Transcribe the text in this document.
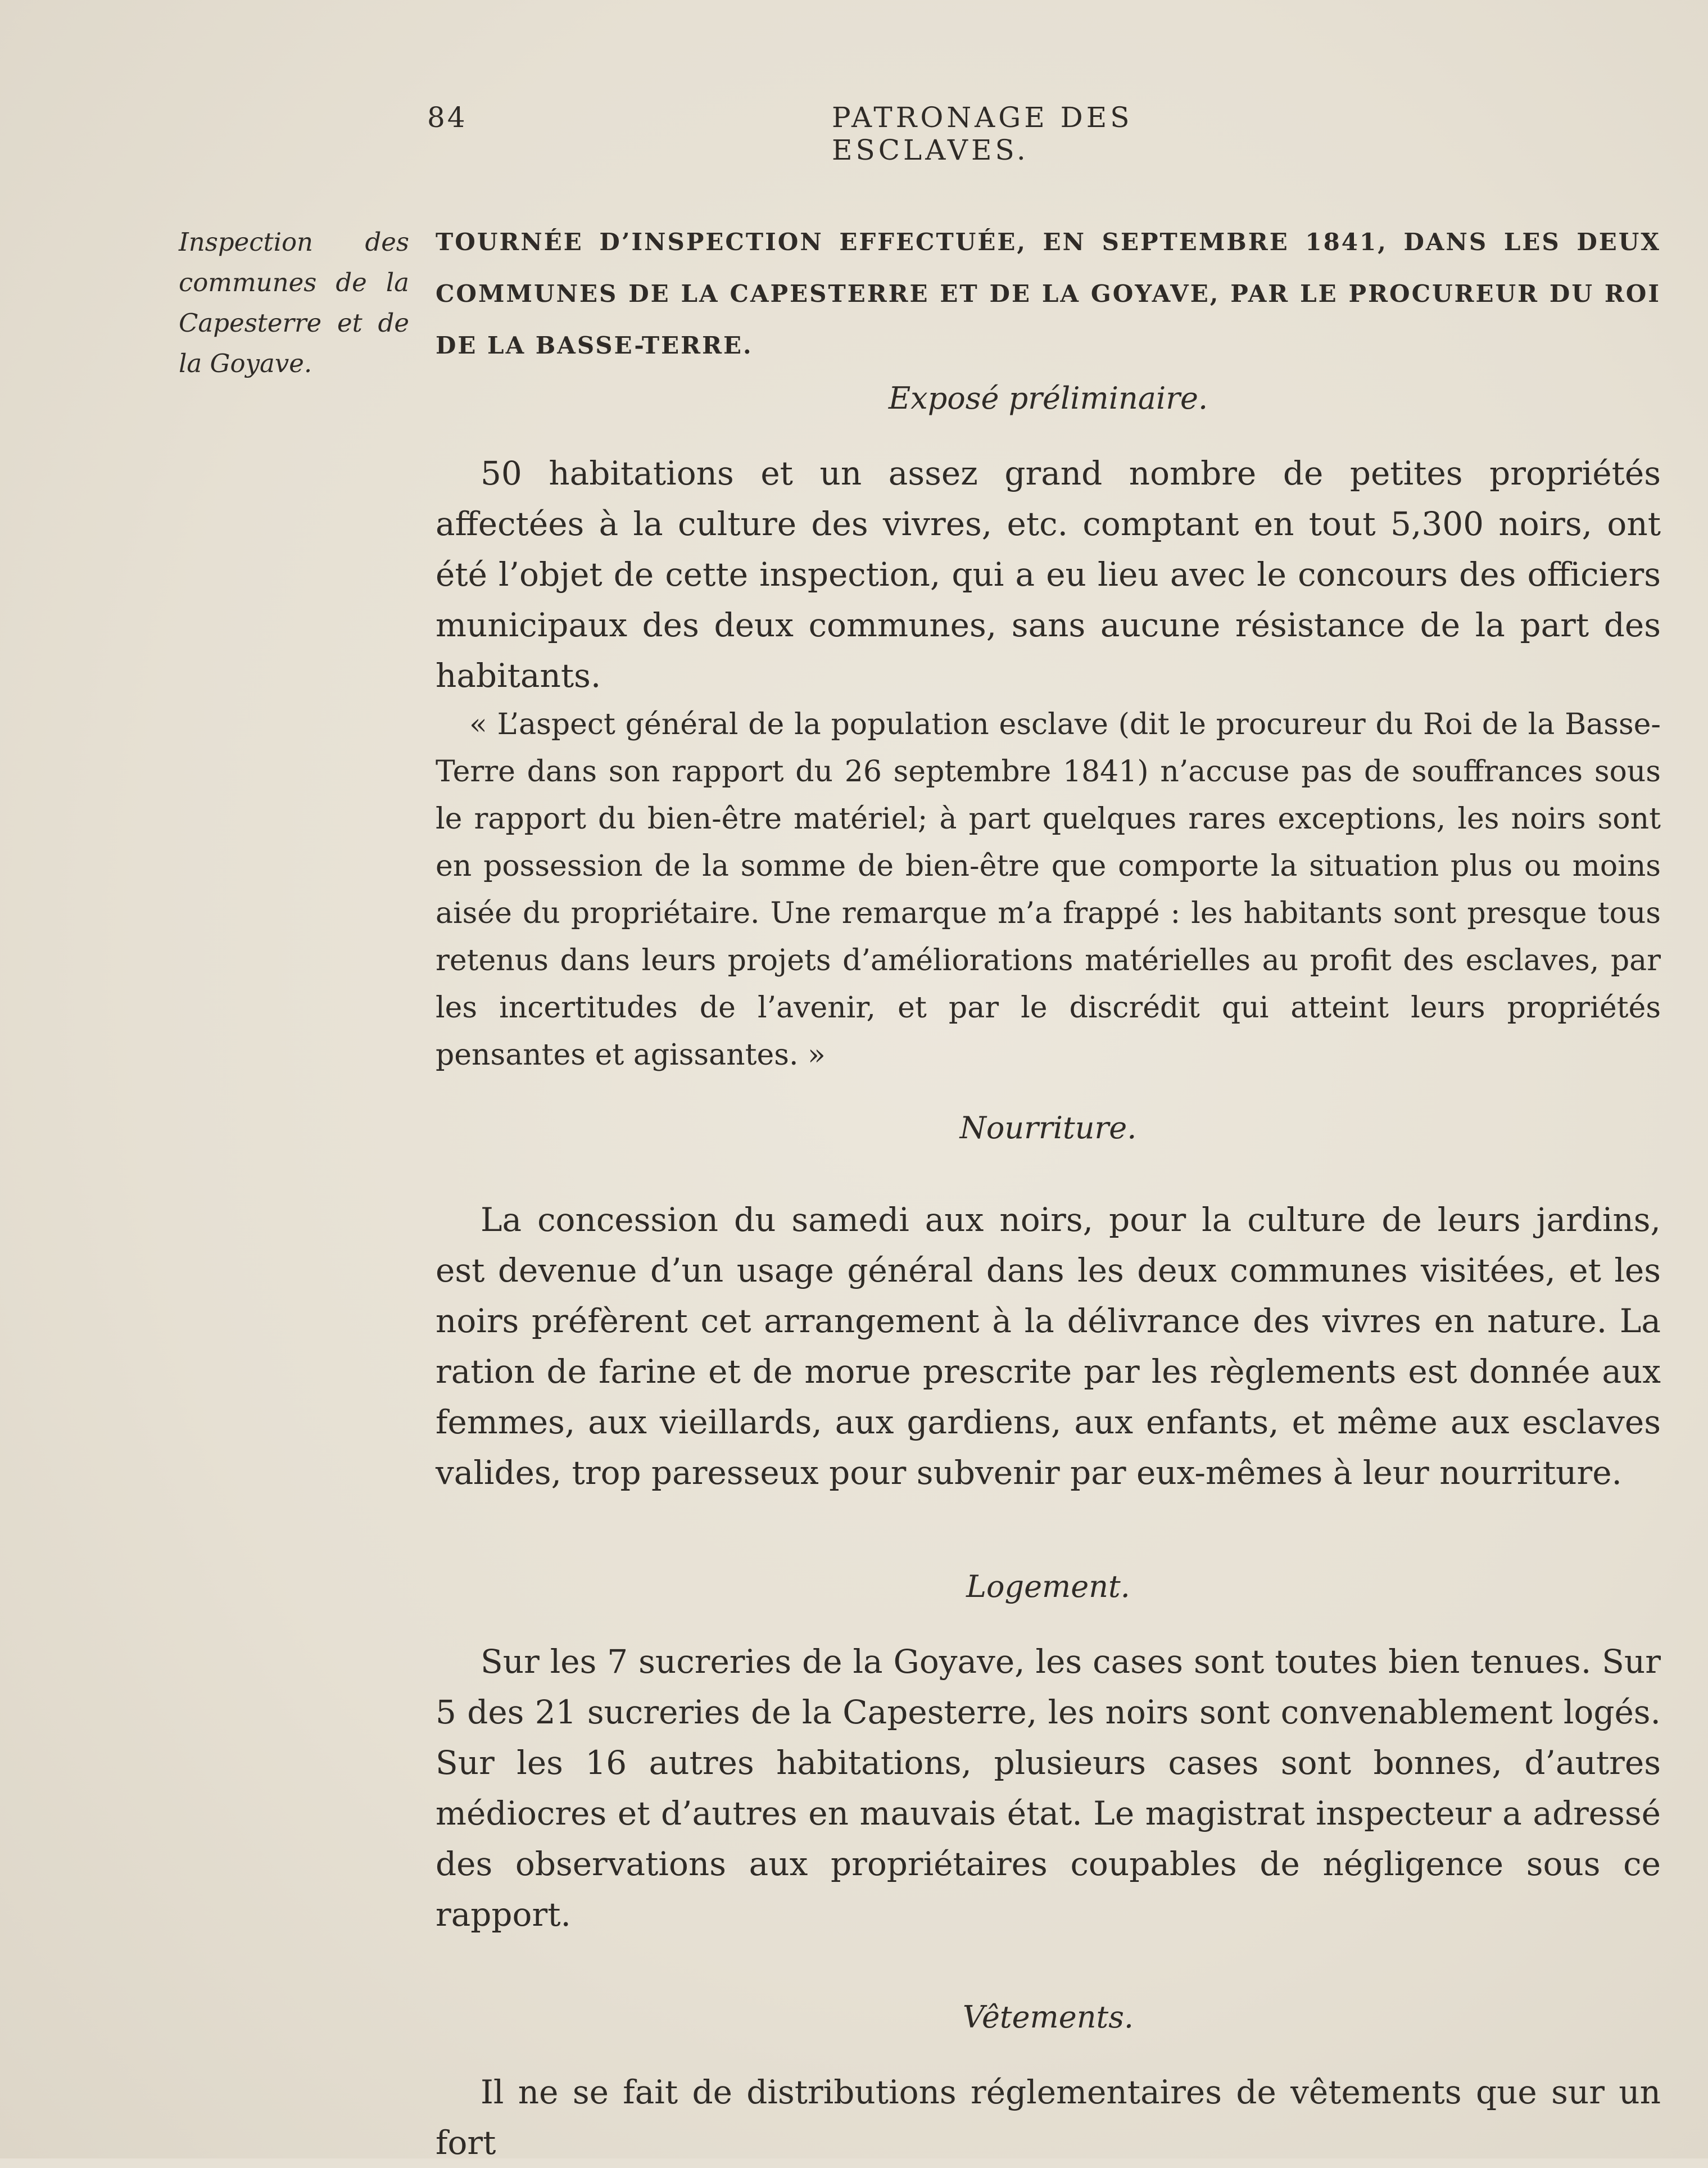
84	PATRONAGE DES ESCLAVES.
Inspection des communes de la Capesterre et de la Goyave.

TOURNÉE D’INSPECTION EFFECTUÉE, EN SEPTEMBRE 1841, DANS LES DEUX COMMUNES DE LA CAPESTERRE ET DE LA GOYAVE, PAR LE PROCUREUR DU ROI DE LA BASSE-TERRE.

Exposé préliminaire.

50 habitations et un assez grand nombre de petites propriétés affectées à la culture des vivres, etc. comptant en tout 5,300 noirs, ont été l’objet de cette inspection, qui a eu lieu avec le concours des officiers municipaux des deux communes, sans aucune résistance de la part des habitants.

« L’aspect général de la population esclave (dit le procureur du Roi de la Basse-Terre dans son rapport du 26 septembre 1841) n’accuse pas de souffrances sous le rapport du bien-être matériel; à part quelques rares exceptions, les noirs sont en possession de la somme de bien-être que comporte la situation plus ou moins aisée du propriétaire. Une remarque m’a frappé : les habitants sont presque tous retenus dans leurs projets d’améliorations matérielles au profit des esclaves, par les incertitudes de l’avenir, et par le discrédit qui atteint leurs propriétés pensantes et agissantes. »

Nourriture.

La concession du samedi aux noirs, pour la culture de leurs jardins, est devenue d’un usage général dans les deux communes visitées, et les noirs préfèrent cet arrangement à la délivrance des vivres en nature. La ration de farine et de morue prescrite par les règlements est donnée aux femmes, aux vieillards, aux gardiens, aux enfants, et même aux esclaves valides, trop paresseux pour subvenir par eux-mêmes à leur nourriture.

Logement.

Sur les 7 sucreries de la Goyave, les cases sont toutes bien tenues. Sur 5 des 21 sucreries de la Capesterre, les noirs sont convenablement logés. Sur les 16 autres habitations, plusieurs cases sont bonnes, d’autres médiocres et d’autres en mauvais état. Le magistrat inspecteur a adressé des observations aux propriétaires coupables de négligence sous ce rapport.

Vêtements.

Il ne se fait de distributions réglementaires de vêtements que sur un fort
